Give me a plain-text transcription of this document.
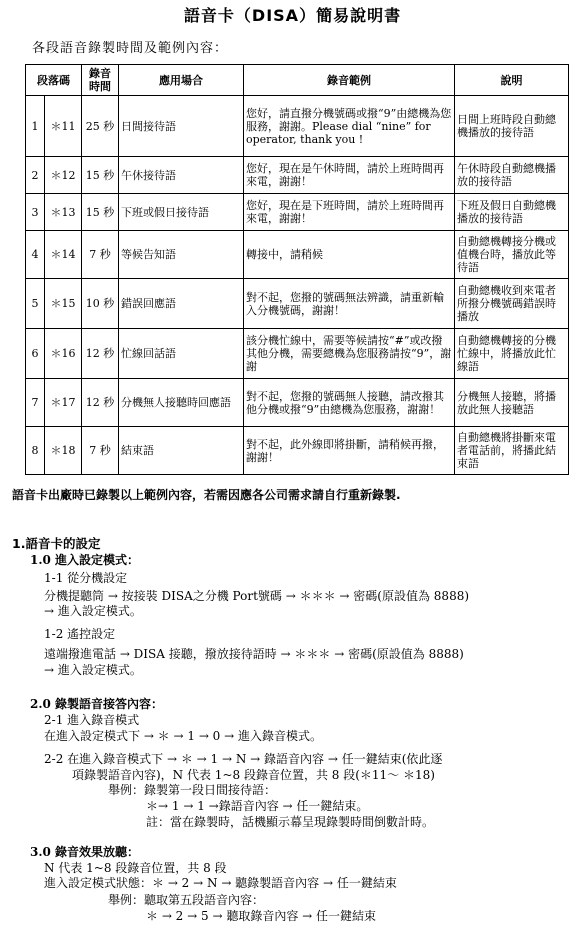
語音卡（DISA）簡易說明書
各段語音錄製時間及範例內容：
段落碼		錄音時間	應用場合	錄音範例	說明
1	＊11	25 秒	日間接待語	您好，請直撥分機號碼或撥“9”由總機為您服務，謝謝。Please dial “nine” for operator, thank you !	日間上班時段自動總機播放的接待語
2	＊12	15 秒	午休接待語	您好，現在是午休時間，請於上班時間再來電，謝謝！	午休時段自動總機播放的接待語
3	＊13	15 秒	下班或假日接待語	您好，現在是下班時間，請於上班時間再來電，謝謝！	下班及假日自動總機播放的接待語
4	＊14	7 秒	等候告知語	轉接中，請稍候	自動總機轉接分機或值機台時，播放此等待語
5	＊15	10 秒	錯誤回應語	對不起，您撥的號碼無法辨識，請重新輸入分機號碼，謝謝！	自動總機收到來電者所撥分機號碼錯誤時播放
6	＊16	12 秒	忙線回話語	該分機忙線中，需要等候請按“#”或改撥其他分機，需要總機為您服務請按“9”，謝謝	自動總機轉接的分機忙線中，將播放此忙線語
7	＊17	12 秒	分機無人接聽時回應語	對不起，您撥的號碼無人接聽，請改撥其他分機或撥“9”由總機為您服務，謝謝！	分機無人接聽，將播放此無人接聽語
8	＊18	7 秒	結束語	對不起，此外線即將掛斷，請稍候再撥，謝謝！	自動總機將掛斷來電者電話前，將播此結束語
語音卡出廠時已錄製以上範例內容，若需因應各公司需求請自行重新錄製.
1.語音卡的設定
1.0 進入設定模式：
1-1 從分機設定
分機提聽筒 → 按接裝 DISA之分機 Port號碼 → ＊＊＊ → 密碼(原設值為 8888)
→ 進入設定模式。
1-2 遙控設定
遠端撥進電話 → DISA 接聽，撥放接待語時 → ＊＊＊ → 密碼(原設值為 8888)
→ 進入設定模式。
2.0 錄製語音接答內容：
2-1 進入錄音模式
在進入設定模式下 → ＊ → 1 → 0 → 進入錄音模式。
2-2 在進入錄音模式下 → ＊ → 1 → N → 錄語音內容 → 任一鍵結束(依此逐
項錄製語音內容)，N 代表 1~8 段錄音位置，共 8 段(＊11～ ＊18)
舉例：錄製第一段日間接待語：
＊→ 1 → 1 →錄語音內容 → 任一鍵結束。
註：當在錄製時，話機顯示幕呈現錄製時間倒數計時。
3.0 錄音效果放聽：
N 代表 1~8 段錄音位置，共 8 段
進入設定模式狀態：＊ → 2 → N → 聽錄製語音內容 → 任一鍵結束
舉例：聽取第五段語音內容：
＊ → 2 → 5 → 聽取錄音內容 → 任一鍵結束
